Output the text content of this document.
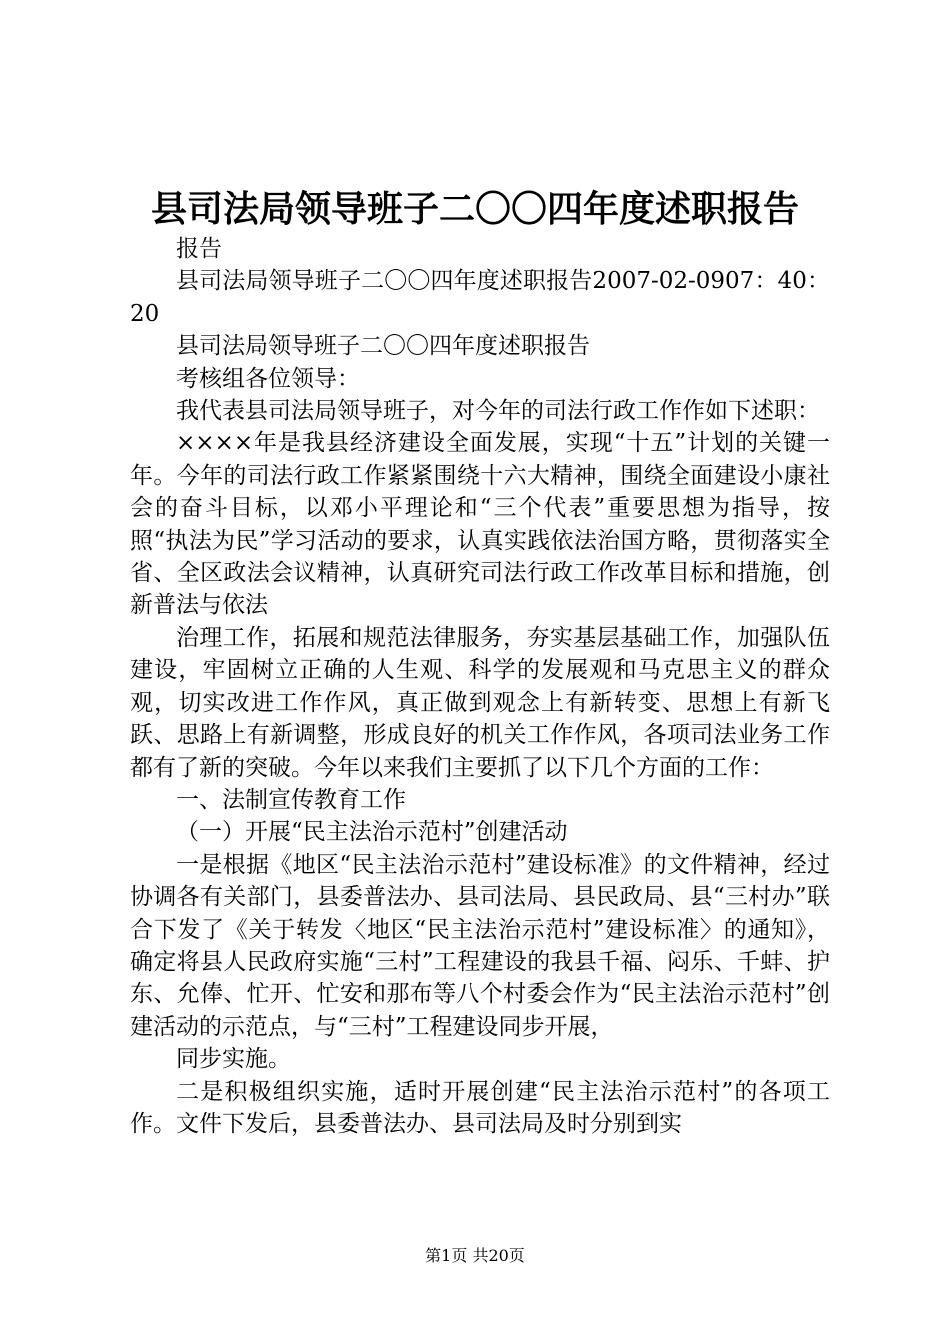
县司法局领导班子二〇〇四年度述职报告

报告

县司法局领导班子二〇〇四年度述职报告2007-02-0907：40：20

县司法局领导班子二〇〇四年度述职报告

考核组各位领导：

我代表县司法局领导班子，对今年的司法行政工作作如下述职：

××××年是我县经济建设全面发展，实现“十五”计划的关键一年。今年的司法行政工作紧紧围绕十六大精神，围绕全面建设小康社会的奋斗目标，以邓小平理论和“三个代表”重要思想为指导，按照“执法为民”学习活动的要求，认真实践依法治国方略，贯彻落实全省、全区政法会议精神，认真研究司法行政工作改革目标和措施，创新普法与依法

治理工作，拓展和规范法律服务，夯实基层基础工作，加强队伍建设，牢固树立正确的人生观、科学的发展观和马克思主义的群众观，切实改进工作作风，真正做到观念上有新转变、思想上有新飞跃、思路上有新调整，形成良好的机关工作作风，各项司法业务工作都有了新的突破。今年以来我们主要抓了以下几个方面的工作：

一、法制宣传教育工作

（一）开展“民主法治示范村”创建活动

一是根据《地区“民主法治示范村”建设标准》的文件精神，经过协调各有关部门，县委普法办、县司法局、县民政局、县“三村办”联合下发了《关于转发〈地区“民主法治示范村”建设标准〉的通知》，确定将县人民政府实施“三村”工程建设的我县千福、闷乐、千蚌、护东、允俸、忙开、忙安和那布等八个村委会作为“民主法治示范村”创建活动的示范点，与“三村”工程建设同步开展，

同步实施。

二是积极组织实施，适时开展创建“民主法治示范村”的各项工作。文件下发后，县委普法办、县司法局及时分别到实

第1页 共20页
